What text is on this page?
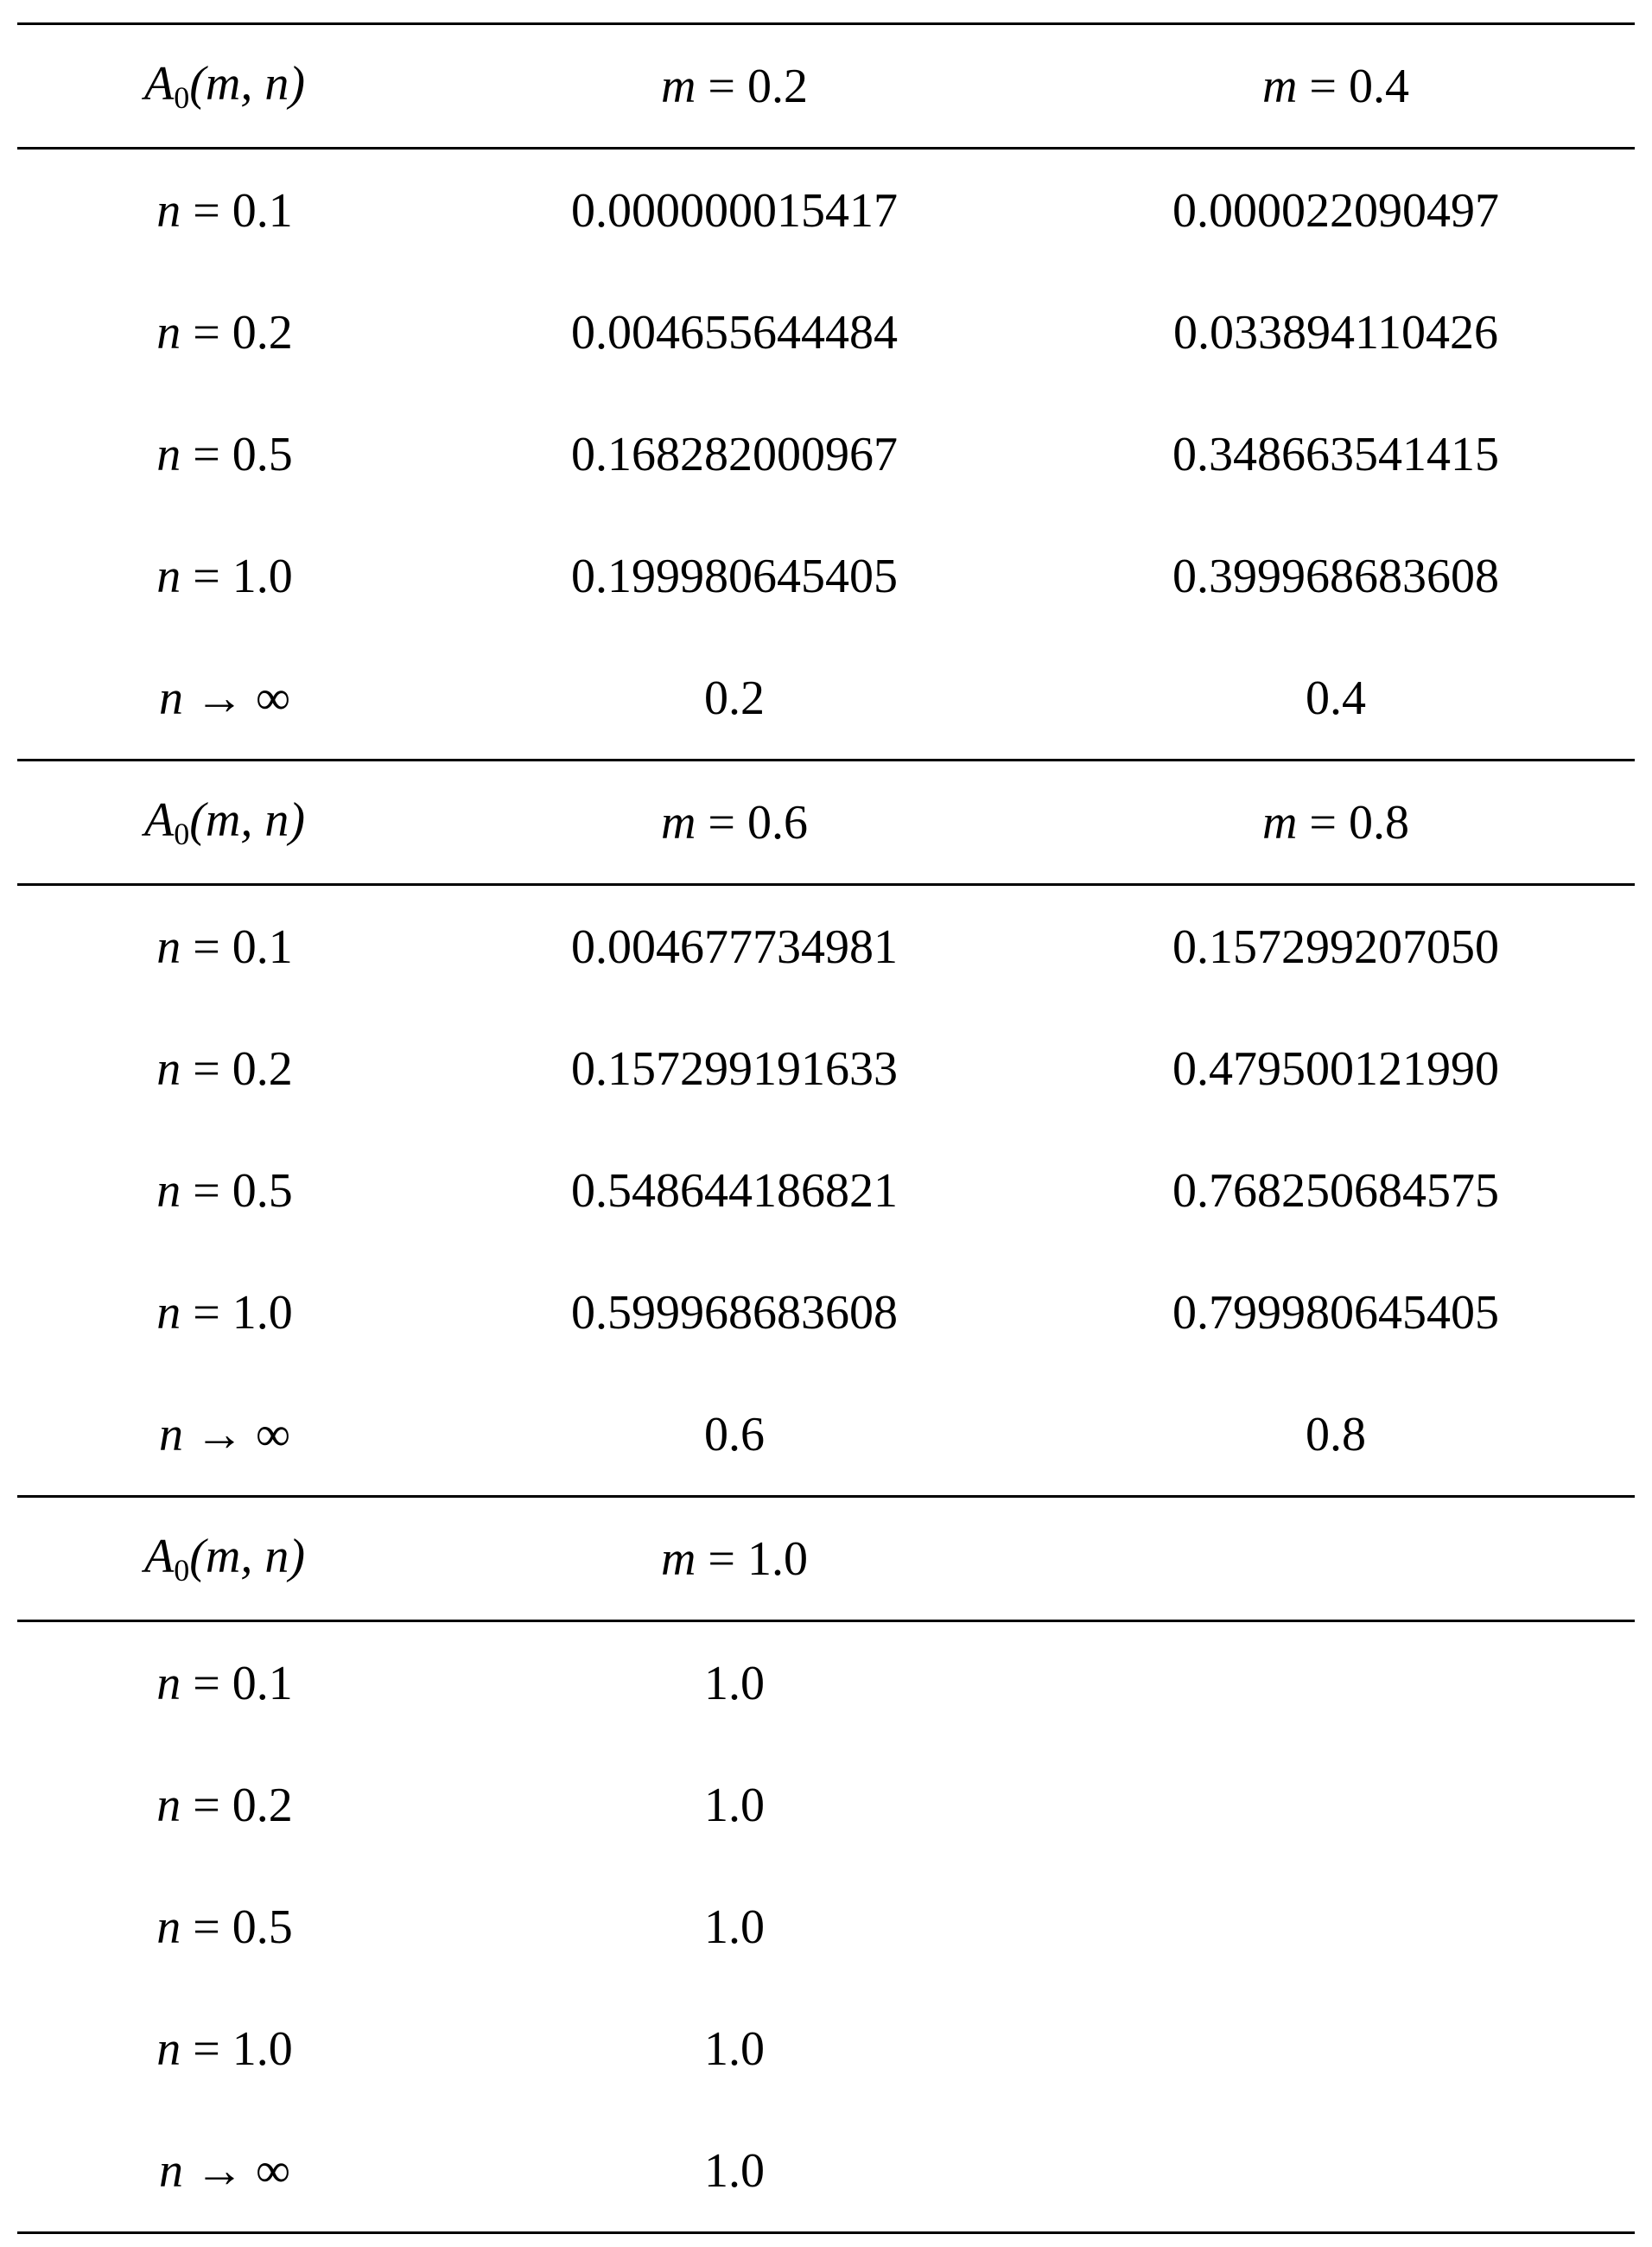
$A_0(m$, n)	m = 0.2	m = 0.4
n = 0.1	0.000000015417	0.000022090497
n = 0.2	0.004655644484	0.033894110426
n = 0.5	0.168282000967	0.348663541415
n = 1.0	0.199980645405	0.399968683608
n → ∞	0.2	0.4
$A_0(m$, n)	m = 0.6	m = 0.8
n = 0.1	0.004677734981	0.157299207050
n = 0.2	0.157299191633	0.479500121990
n = 0.5	0.548644186821	0.768250684575
n = 1.0	0.599968683608	0.799980645405
n → ∞	0.6	0.8
$A_0(m$, n)	m = 1.0
n = 0.1	1.0
n = 0.2	1.0
n = 0.5	1.0
n = 1.0	1.0
n → ∞	1.0
